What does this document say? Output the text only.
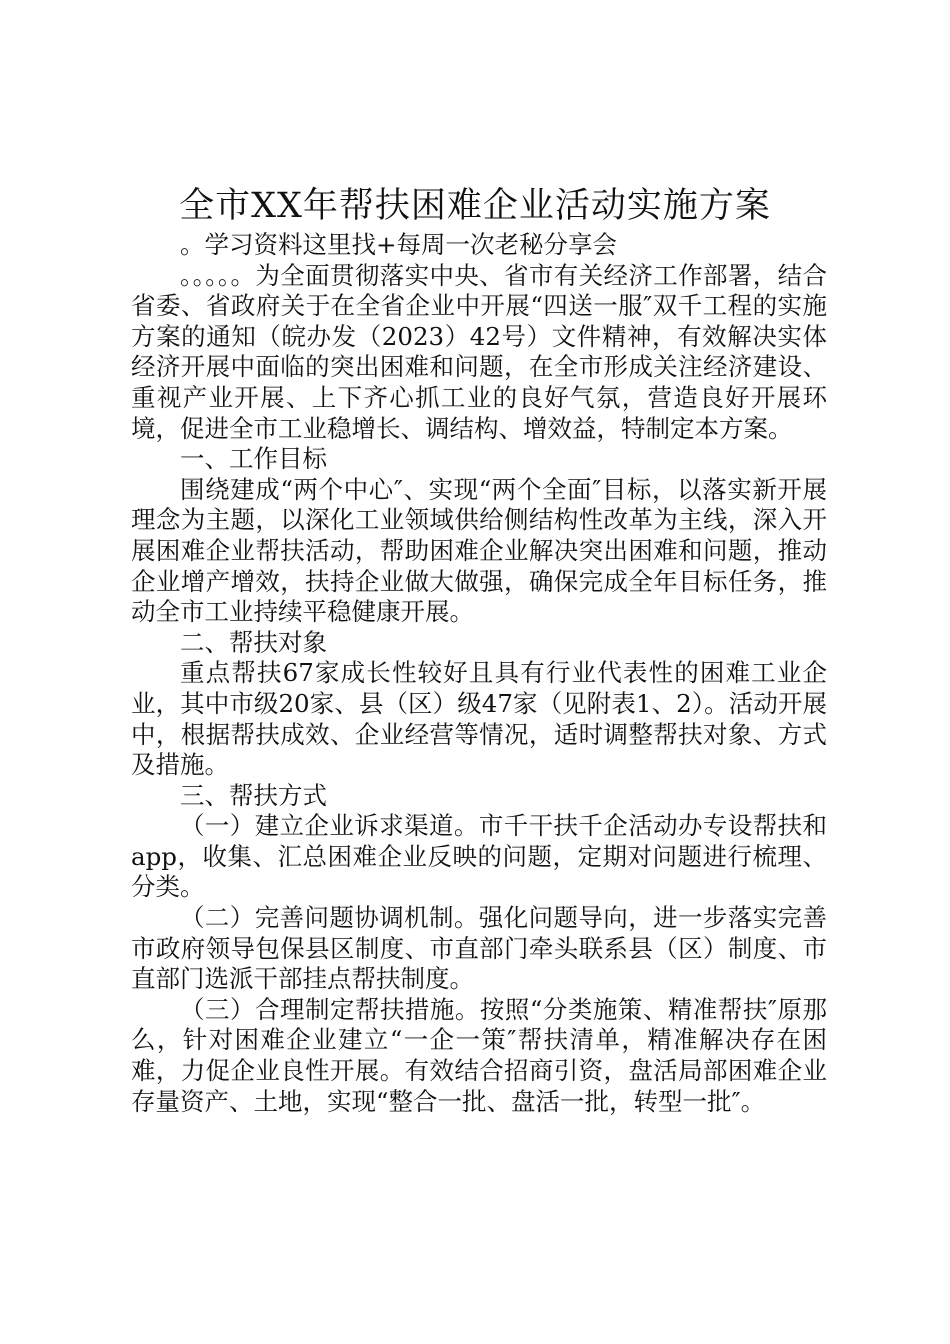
全市XX年帮扶困难企业活动实施方案

。学习资料这里找+每周一次老秘分享会

。。。。。为全面贯彻落实中央、省市有关经济工作部署，结合省委、省政府关于在全省企业中开展“四送一服″双千工程的实施方案的通知（皖办发（2023）42号）文件精神，有效解决实体经济开展中面临的突出困难和问题，在全市形成关注经济建设、重视产业开展、上下齐心抓工业的良好气氛，营造良好开展环境，促进全市工业稳增长、调结构、增效益，特制定本方案。

一、工作目标

围绕建成“两个中心″、实现“两个全面″目标，以落实新开展理念为主题，以深化工业领域供给侧结构性改革为主线，深入开展困难企业帮扶活动，帮助困难企业解决突出困难和问题，推动企业增产增效，扶持企业做大做强，确保完成全年目标任务，推动全市工业持续平稳健康开展。

二、帮扶对象

重点帮扶67家成长性较好且具有行业代表性的困难工业企业，其中市级20家、县（区）级47家（见附表1、2）。活动开展中，根据帮扶成效、企业经营等情况，适时调整帮扶对象、方式及措施。

三、帮扶方式

（一）建立企业诉求渠道。市千干扶千企活动办专设帮扶和　app，收集、汇总困难企业反映的问题，定期对问题进行梳理、分类。

（二）完善问题协调机制。强化问题导向，进一步落实完善市政府领导包保县区制度、市直部门牵头联系县（区）制度、市直部门选派干部挂点帮扶制度。

（三）合理制定帮扶措施。按照“分类施策、精准帮扶″原那么，针对困难企业建立“一企一策″帮扶清单，精准解决存在困难，力促企业良性开展。有效结合招商引资，盘活局部困难企业存量资产、土地，实现“整合一批、盘活一批，转型一批″。
